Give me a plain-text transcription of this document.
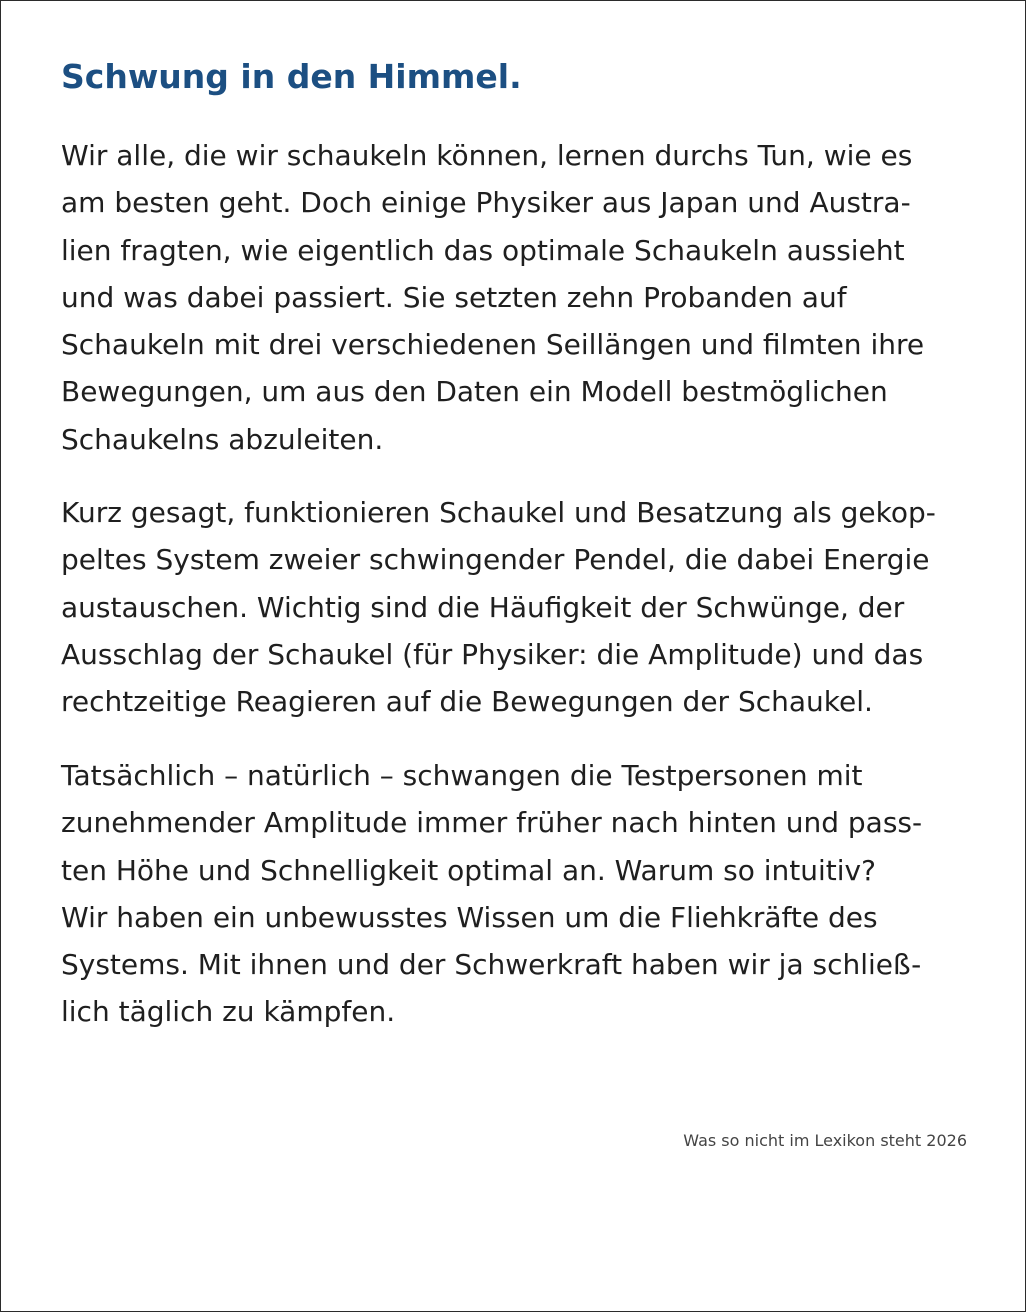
Schwung in den Himmel.

Wir alle, die wir schaukeln können, lernen durchs Tun, wie es
am besten geht. Doch einige Physiker aus Japan und Austra-
lien fragten, wie eigentlich das optimale Schaukeln aussieht
und was dabei passiert. Sie setzten zehn Probanden auf
Schaukeln mit drei verschiedenen Seillängen und filmten ihre
Bewegungen, um aus den Daten ein Modell bestmöglichen
Schaukelns abzuleiten.

Kurz gesagt, funktionieren Schaukel und Besatzung als gekop-
peltes System zweier schwingender Pendel, die dabei Energie
austauschen. Wichtig sind die Häufigkeit der Schwünge, der
Ausschlag der Schaukel (für Physiker: die Amplitude) und das
rechtzeitige Reagieren auf die Bewegungen der Schaukel.

Tatsächlich – natürlich – schwangen die Testpersonen mit
zunehmender Amplitude immer früher nach hinten und pass-
ten Höhe und Schnelligkeit optimal an. Warum so intuitiv?
Wir haben ein unbewusstes Wissen um die Fliehkräfte des
Systems. Mit ihnen und der Schwerkraft haben wir ja schließ-
lich täglich zu kämpfen.

Was so nicht im Lexikon steht 2026
